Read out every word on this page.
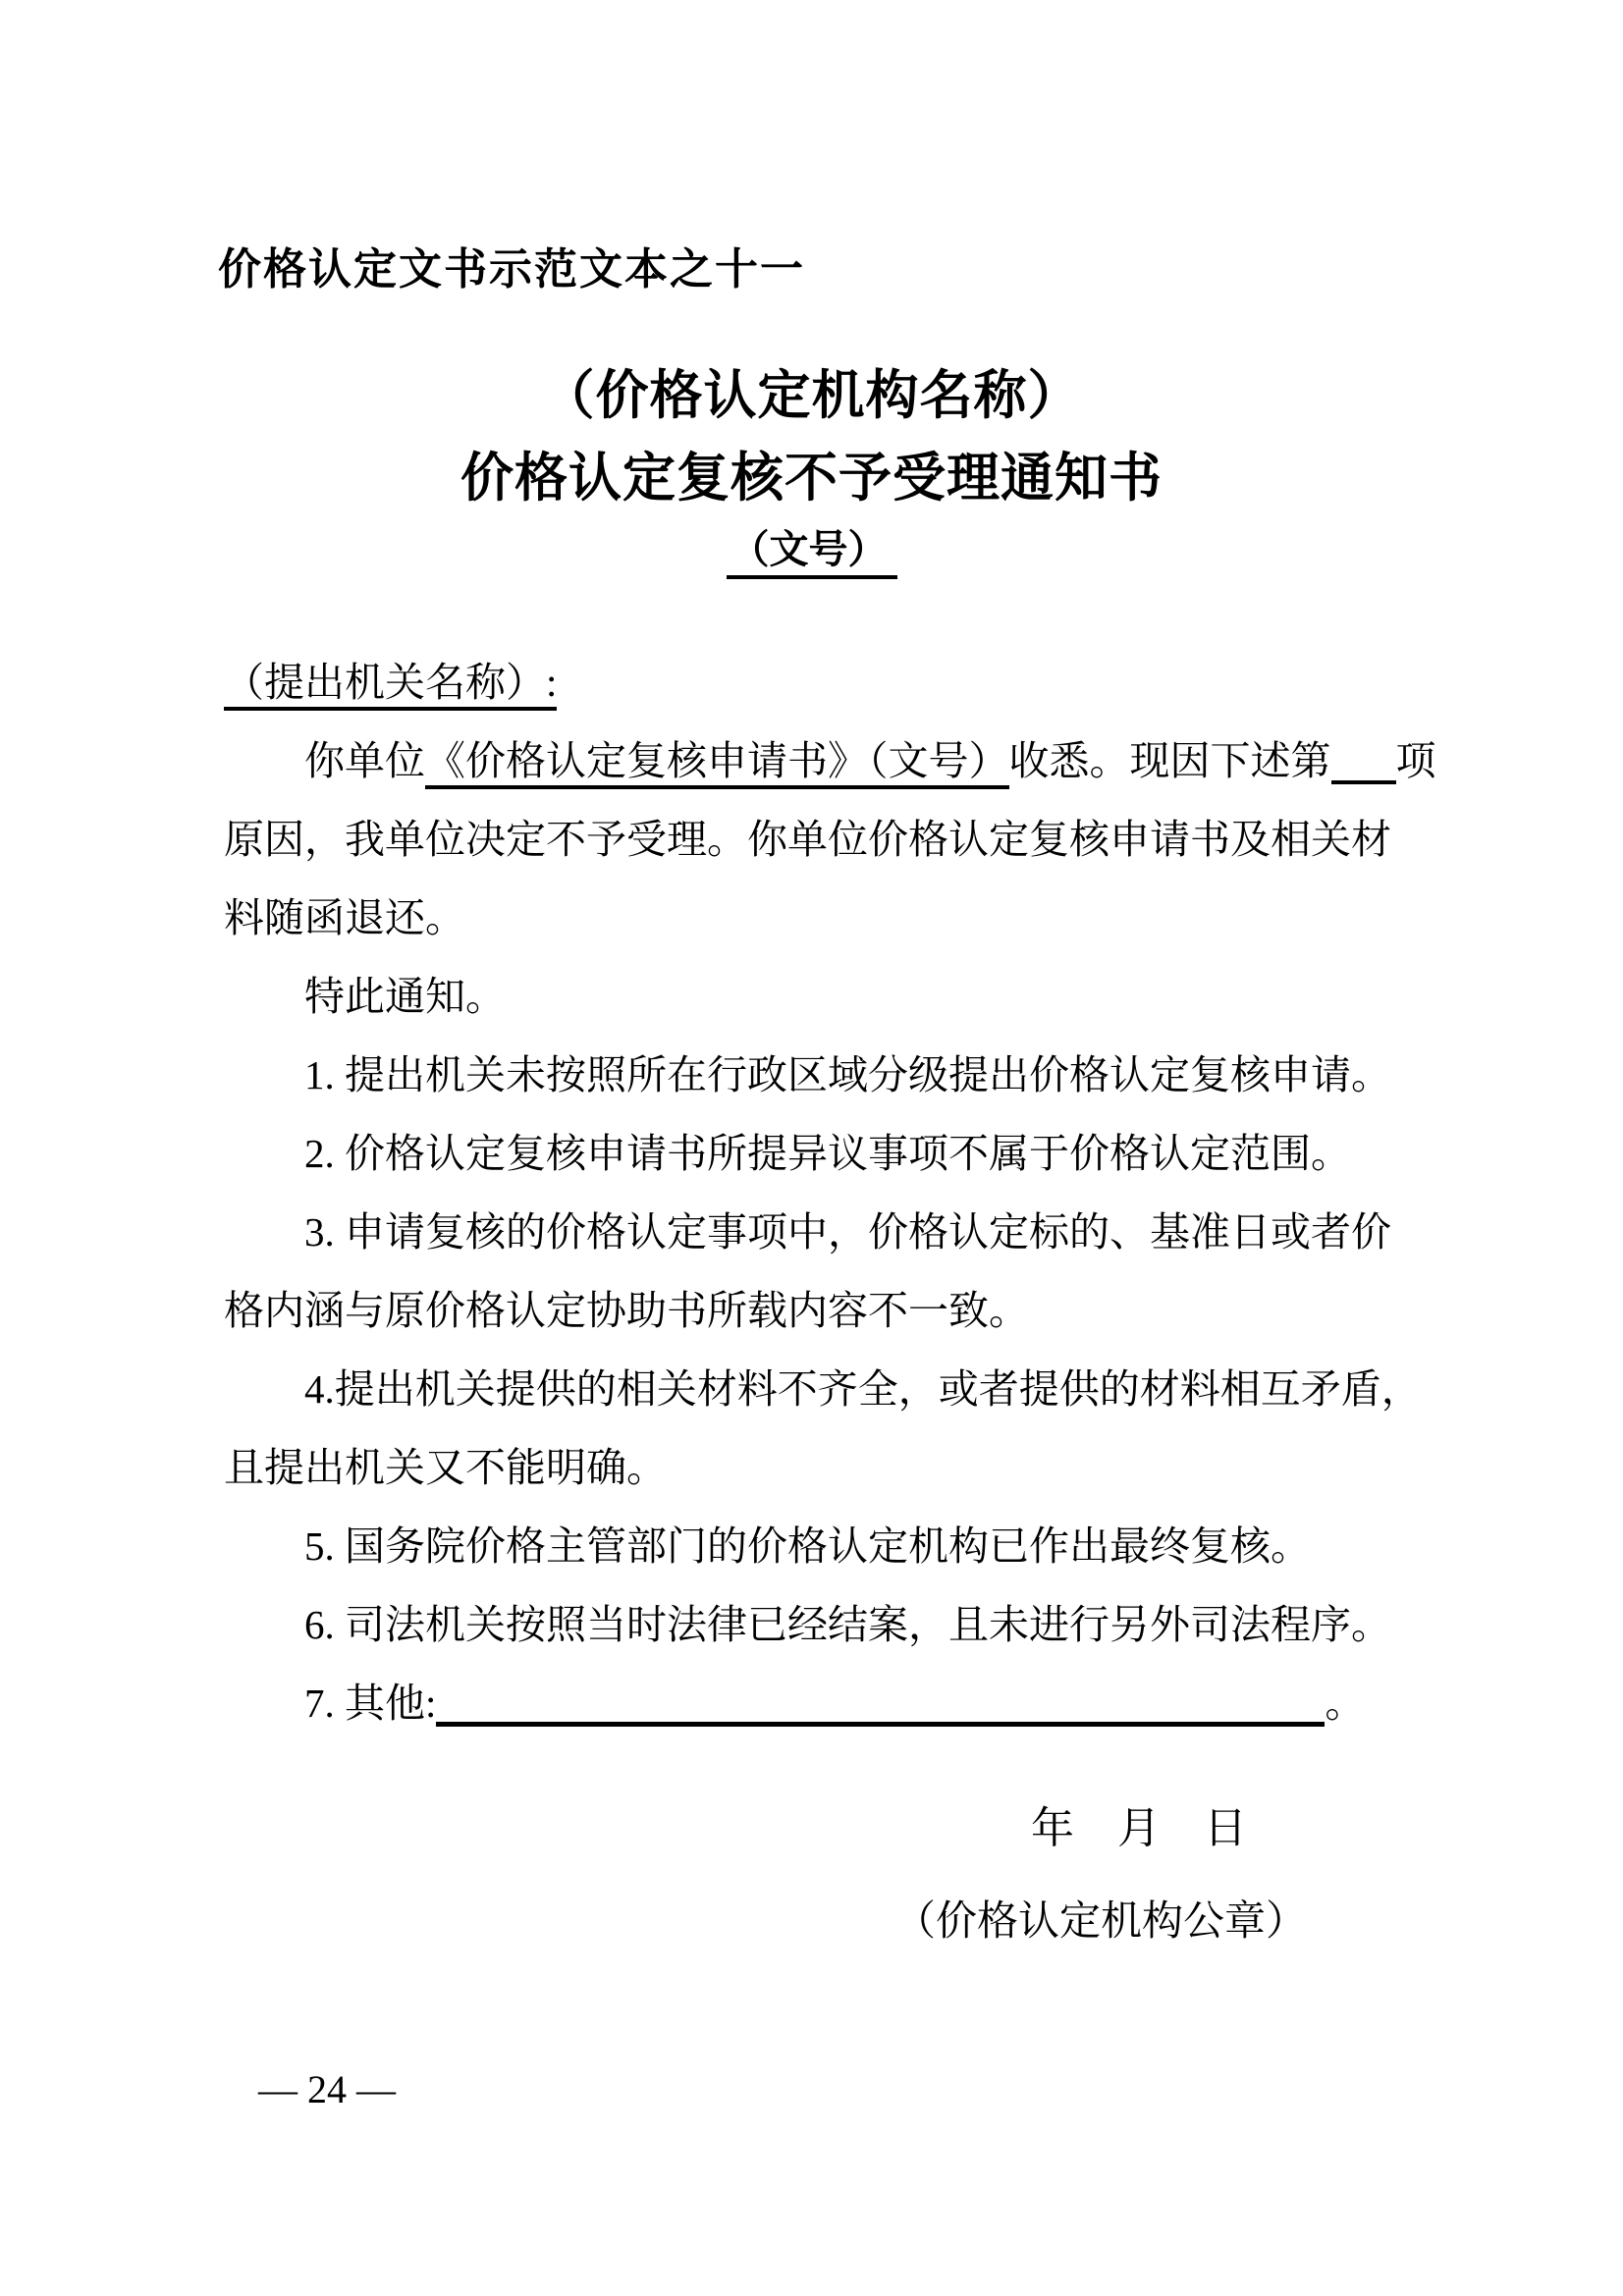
价格认定文书示范文本之十一
（价格认定机构名称）
价格认定复核不予受理通知书
（文号）
（提出机关名称）:
你单位《价格认定复核申请书》（文号）收悉。现因下述第 项
原因，我单位决定不予受理。你单位价格认定复核申请书及相关材
料随函退还。
特此通知。
1. 提出机关未按照所在行政区域分级提出价格认定复核申请。
2. 价格认定复核申请书所提异议事项不属于价格认定范围。
3. 申请复核的价格认定事项中，价格认定标的、基准日或者价
格内涵与原价格认定协助书所载内容不一致。
4.提出机关提供的相关材料不齐全，或者提供的材料相互矛盾，
且提出机关又不能明确。
5. 国务院价格主管部门的价格认定机构已作出最终复核。
6. 司法机关按照当时法律已经结案，且未进行另外司法程序。
7. 其他:	。
年　月　日
（价格认定机构公章）
— 24 —
